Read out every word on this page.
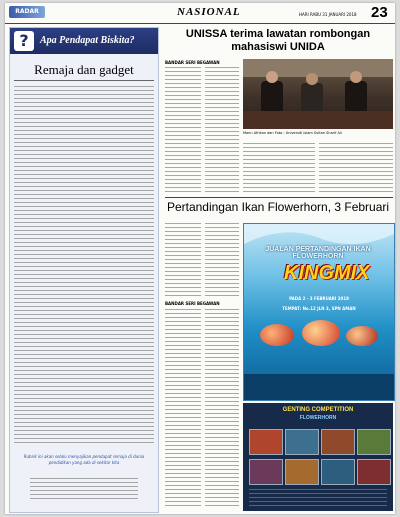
RADAR	NASIONAL	HARI RABU 31 JANUARI 2018 23
?	Apa Pendapat Biskita?
Remaja dan gadget
Rubrik ini akan selalu menyajikan pendapat remaja di dunia pendidikan yang ada di sekitar kita
UNISSA terima lawatan rombongan mahasiswi UNIDA
BANDAR SERI BEGAWAN
Mann Afrikan dan Foto : Universiti Islam Sultan Sharif Ali
Pertandingan Ikan Flowerhorn, 3 Februari
BANDAR SERI BEGAWAN
JUALAN PERTANDINGAN IKAN FLOWERHORN
KINGMIX
PADA 2 - 3 FEBRUARI 2018
TEMPAT: No.12 JLN 3, SPN AMAN
GENTING COMPETITION
FLOWERHORN
